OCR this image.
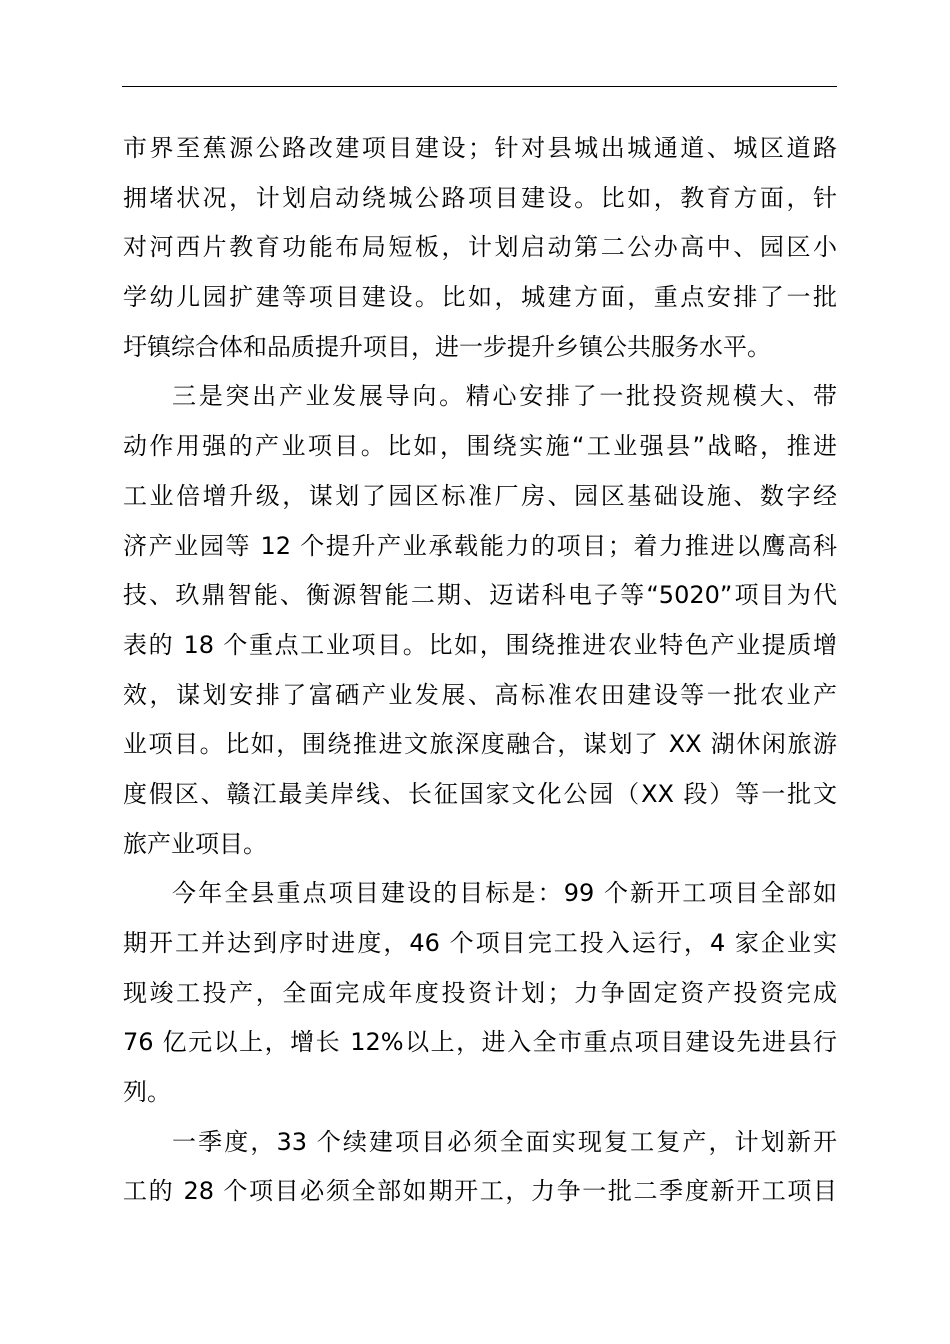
市界至蕉源公路改建项目建设；针对县城出城通道、城区道路
拥堵状况，计划启动绕城公路项目建设。比如，教育方面，针
对河西片教育功能布局短板，计划启动第二公办高中、园区小
学幼儿园扩建等项目建设。比如，城建方面，重点安排了一批
圩镇综合体和品质提升项目，进一步提升乡镇公共服务水平。
三是突出产业发展导向。精心安排了一批投资规模大、带
动作用强的产业项目。比如，围绕实施“工业强县”战略，推进
工业倍增升级，谋划了园区标准厂房、园区基础设施、数字经
济产业园等 12 个提升产业承载能力的项目；着力推进以鹰高科
技、玖鼎智能、衡源智能二期、迈诺科电子等“5020”项目为代
表的 18 个重点工业项目。比如，围绕推进农业特色产业提质增
效，谋划安排了富硒产业发展、高标准农田建设等一批农业产
业项目。比如，围绕推进文旅深度融合，谋划了 XX 湖休闲旅游
度假区、赣江最美岸线、长征国家文化公园（XX 段）等一批文
旅产业项目。
今年全县重点项目建设的目标是：99 个新开工项目全部如
期开工并达到序时进度，46 个项目完工投入运行，4 家企业实
现竣工投产，全面完成年度投资计划；力争固定资产投资完成
76 亿元以上，增长 12%以上，进入全市重点项目建设先进县行
列。
一季度，33 个续建项目必须全面实现复工复产，计划新开
工的 28 个项目必须全部如期开工，力争一批二季度新开工项目
